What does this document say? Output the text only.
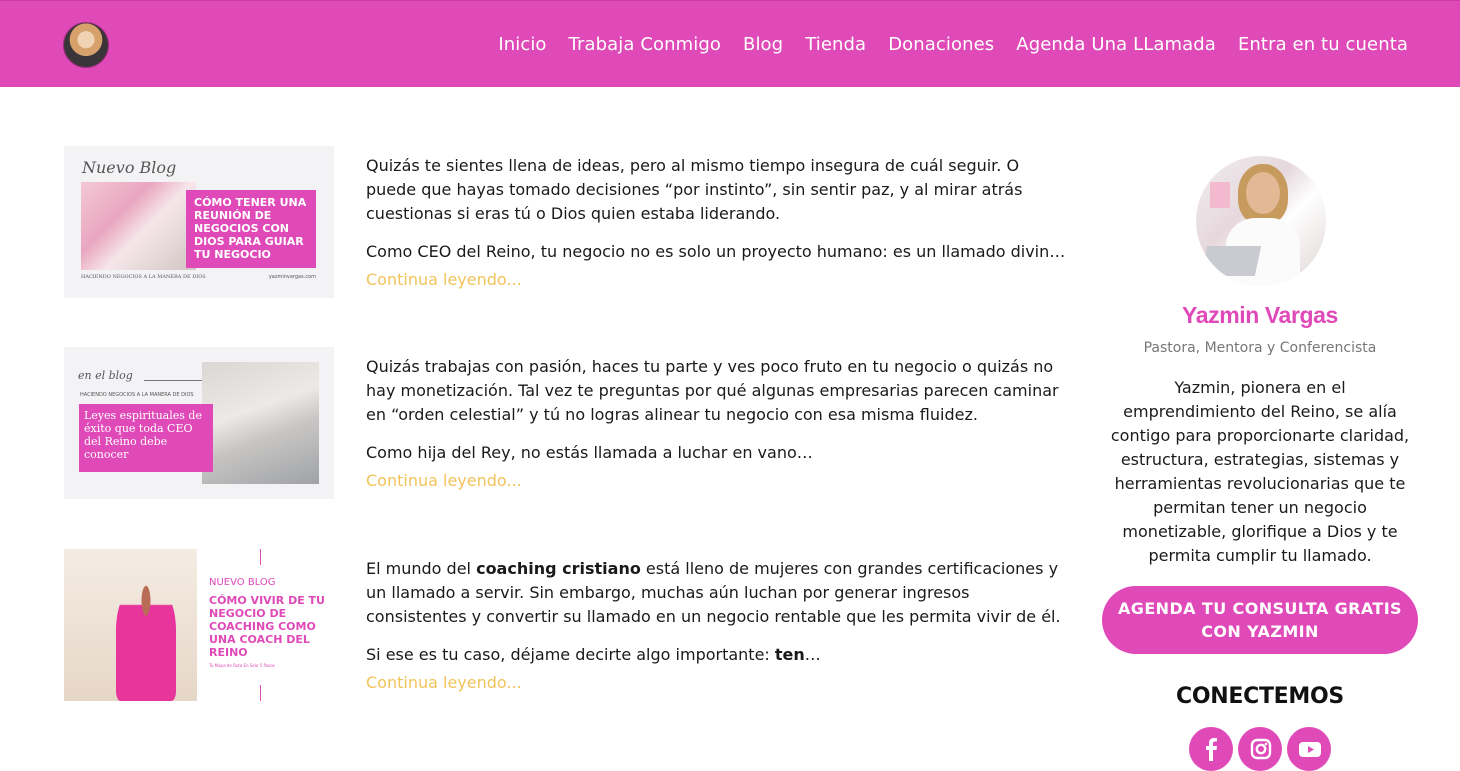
Inicio Trabaja Conmigo Blog Tienda Donaciones Agenda Una LLamada Entra en tu cuenta
Nuevo Blog
CÓMO TENER UNA REUNIÓN DE NEGOCIOS CON DIOS PARA GUIAR TU NEGOCIO
HACIENDO NEGOCIOS A LA MANERA DE DIOS	yazminvargas.com

Quizás te sientes llena de ideas, pero al mismo tiempo insegura de cuál seguir. O puede que hayas tomado decisiones “por instinto”, sin sentir paz, y al mirar atrás cuestionas si eras tú o Dios quien estaba liderando.

Como CEO del Reino, tu negocio no es solo un proyecto humano: es un llamado divin…

Continua leyendo...
en el blog
HACIENDO NEGOCIOS A LA MANERA DE DIOS
Leyes espirituales de éxito que toda CEO del Reino debe conocer

Quizás trabajas con pasión, haces tu parte y ves poco fruto en tu negocio o quizás no hay monetización. Tal vez te preguntas por qué algunas empresarias parecen caminar en “orden celestial” y tú no logras alinear tu negocio con esa misma fluidez.

Como hija del Rey, no estás llamada a luchar en vano…

Continua leyendo...
NUEVO BLOG
CÓMO VIVIR DE TU NEGOCIO DE COACHING COMO UNA COACH DEL REINO
Tu Mapa de Ruta En Solo 5 Pasos

El mundo del coaching cristiano está lleno de mujeres con grandes certificaciones y un llamado a servir. Sin embargo, muchas aún luchan por generar ingresos consistentes y convertir su llamado en un negocio rentable que les permita vivir de él.

Si ese es tu caso, déjame decirte algo importante: ten…

Continua leyendo...
Yazmin Vargas
Pastora, Mentora y Conferencista
Yazmin, pionera en el emprendimiento del Reino, se alía contigo para proporcionarte claridad, estructura, estrategias, sistemas y herramientas revolucionarias que te permitan tener un negocio monetizable, glorifique a Dios y te permita cumplir tu llamado.
AGENDA TU CONSULTA GRATIS CON YAZMIN
CONECTEMOS
